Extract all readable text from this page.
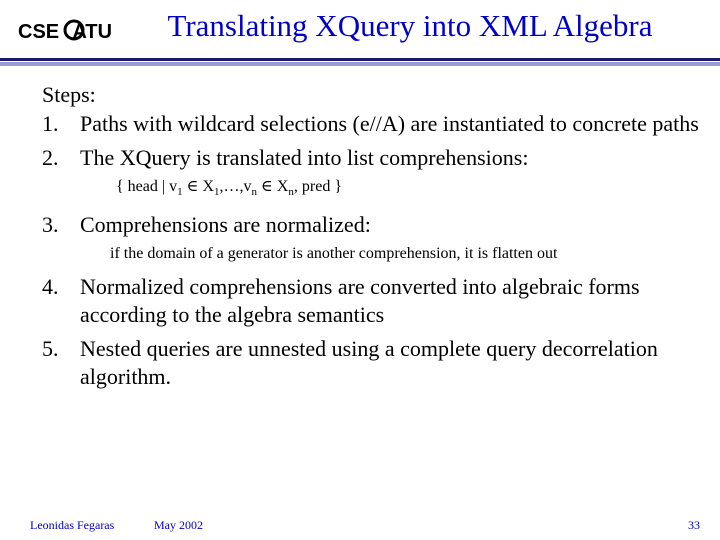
CSE UTA	Translating XQuery into XML Algebra
Steps:
1. Paths with wildcard selections (e//A) are instantiated to concrete paths
2. The XQuery is translated into list comprehensions:
{ head | $v_1$ ∈ $X_1,\dots,v_n$ ∈ $X_n$, pred }
3. Comprehensions are normalized:
if the domain of a generator is another comprehension, it is flatten out
4. Normalized comprehensions are converted into algebraic forms according to the algebra semantics
5. Nested queries are unnested using a complete query decorrelation algorithm.
Leonidas Fegaras	May 2002	33
